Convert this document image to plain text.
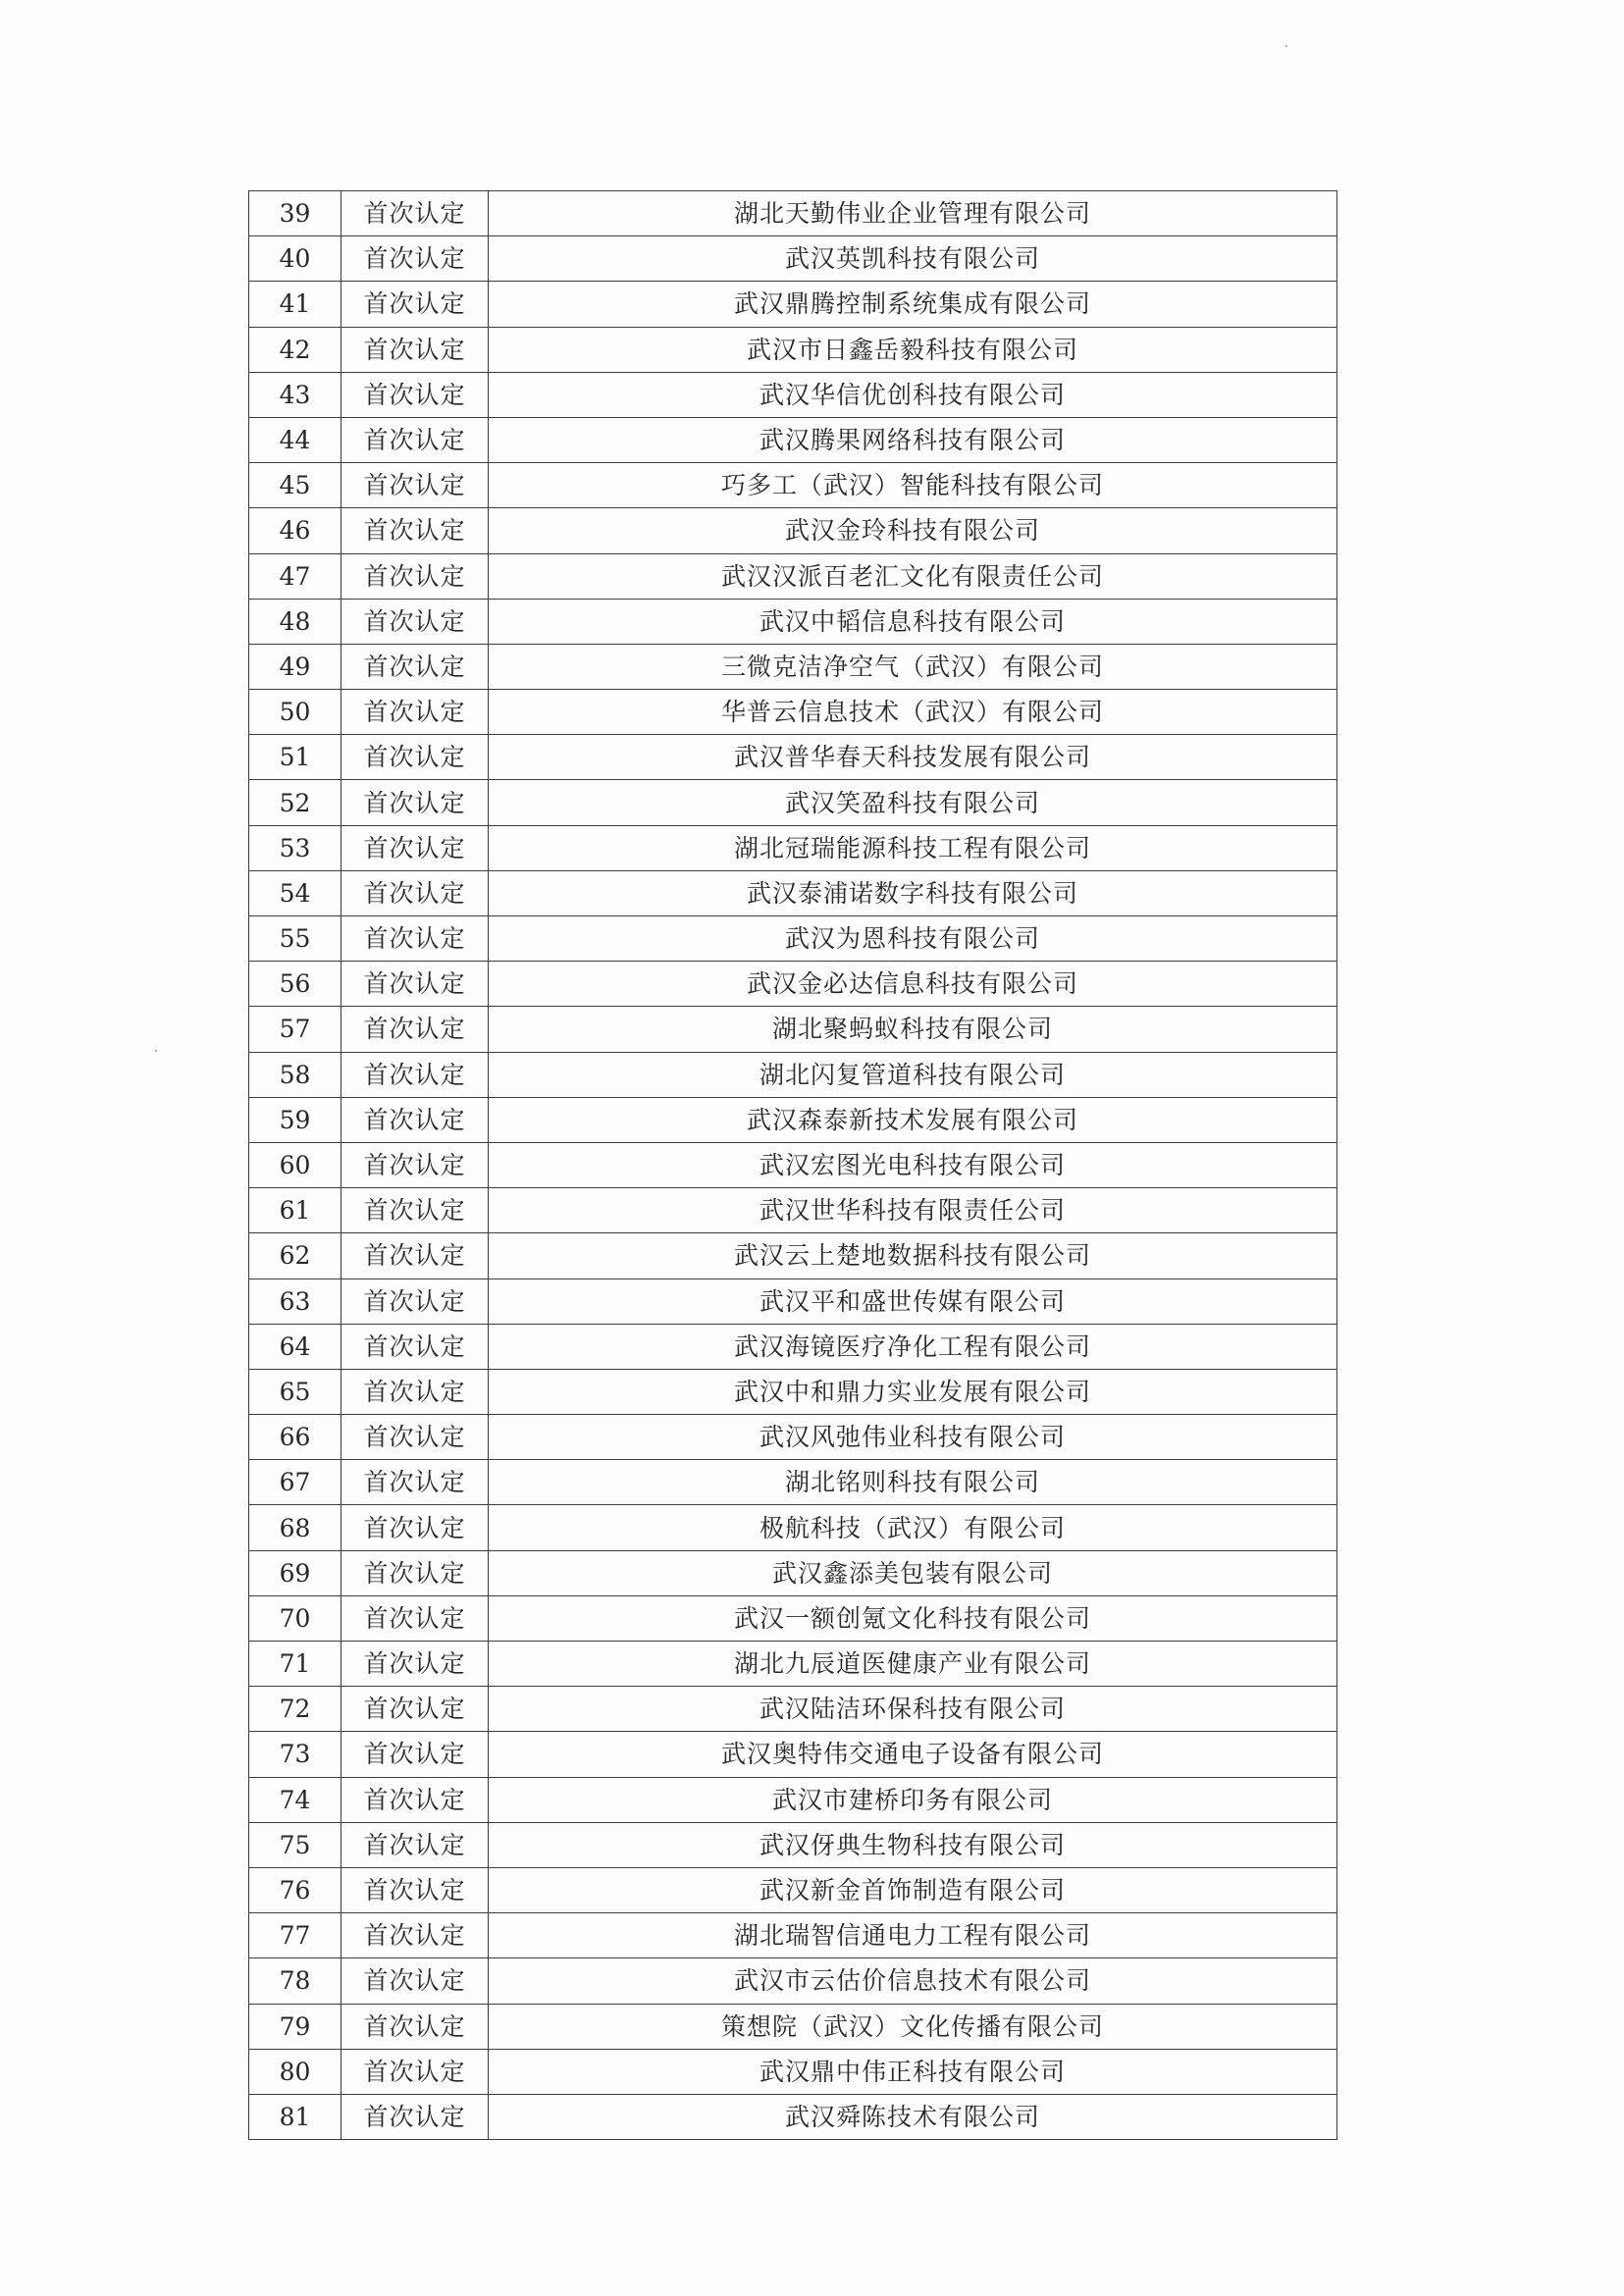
39	首次认定	湖北天勤伟业企业管理有限公司
40	首次认定	武汉英凯科技有限公司
41	首次认定	武汉鼎腾控制系统集成有限公司
42	首次认定	武汉市日鑫岳毅科技有限公司
43	首次认定	武汉华信优创科技有限公司
44	首次认定	武汉腾果网络科技有限公司
45	首次认定	巧多工（武汉）智能科技有限公司
46	首次认定	武汉金玲科技有限公司
47	首次认定	武汉汉派百老汇文化有限责任公司
48	首次认定	武汉中韬信息科技有限公司
49	首次认定	三微克洁净空气（武汉）有限公司
50	首次认定	华普云信息技术（武汉）有限公司
51	首次认定	武汉普华春天科技发展有限公司
52	首次认定	武汉笑盈科技有限公司
53	首次认定	湖北冠瑞能源科技工程有限公司
54	首次认定	武汉泰浦诺数字科技有限公司
55	首次认定	武汉为恩科技有限公司
56	首次认定	武汉金必达信息科技有限公司
57	首次认定	湖北聚蚂蚁科技有限公司
58	首次认定	湖北闪复管道科技有限公司
59	首次认定	武汉森泰新技术发展有限公司
60	首次认定	武汉宏图光电科技有限公司
61	首次认定	武汉世华科技有限责任公司
62	首次认定	武汉云上楚地数据科技有限公司
63	首次认定	武汉平和盛世传媒有限公司
64	首次认定	武汉海镜医疗净化工程有限公司
65	首次认定	武汉中和鼎力实业发展有限公司
66	首次认定	武汉风弛伟业科技有限公司
67	首次认定	湖北铭则科技有限公司
68	首次认定	极航科技（武汉）有限公司
69	首次认定	武汉鑫添美包装有限公司
70	首次认定	武汉一额创氪文化科技有限公司
71	首次认定	湖北九辰道医健康产业有限公司
72	首次认定	武汉陆洁环保科技有限公司
73	首次认定	武汉奥特伟交通电子设备有限公司
74	首次认定	武汉市建桥印务有限公司
75	首次认定	武汉伢典生物科技有限公司
76	首次认定	武汉新金首饰制造有限公司
77	首次认定	湖北瑞智信通电力工程有限公司
78	首次认定	武汉市云估价信息技术有限公司
79	首次认定	策想院（武汉）文化传播有限公司
80	首次认定	武汉鼎中伟正科技有限公司
81	首次认定	武汉舜陈技术有限公司
